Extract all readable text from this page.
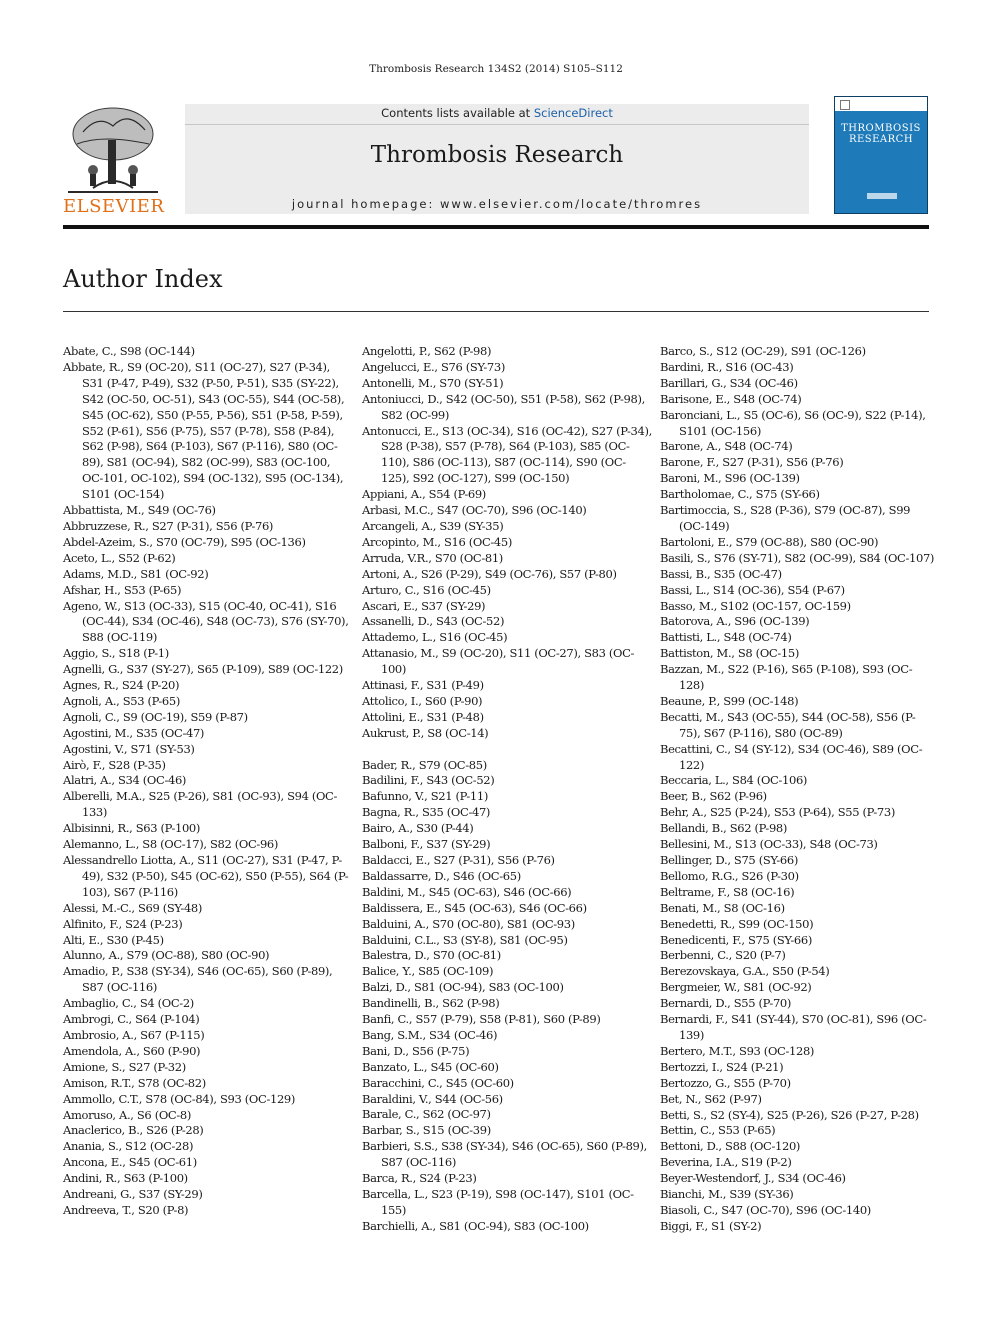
Thrombosis Research 134S2 (2014) S105–S112
ELSEVIER
Contents lists available at ScienceDirect
Thrombosis Research
journal homepage: www.elsevier.com/locate/thromres
THROMBOSIS
RESEARCH
Author Index
Abate, C., S98 (OC-144)
Abbate, R., S9 (OC-20), S11 (OC-27), S27 (P-34), S31 (P-47, P-49), S32 (P-50, P-51), S35 (SY-22), S42 (OC-50, OC-51), S43 (OC-55), S44 (OC-58), S45 (OC-62), S50 (P-55, P-56), S51 (P-58, P-59), S52 (P-61), S56 (P-75), S57 (P-78), S58 (P-84), S62 (P-98), S64 (P-103), S67 (P-116), S80 (OC-89), S81 (OC-94), S82 (OC-99), S83 (OC-100, OC-101, OC-102), S94 (OC-132), S95 (OC-134), S101 (OC-154)
Abbattista, M., S49 (OC-76)
Abbruzzese, R., S27 (P-31), S56 (P-76)
Abdel-Azeim, S., S70 (OC-79), S95 (OC-136)
Aceto, L., S52 (P-62)
Adams, M.D., S81 (OC-92)
Afshar, H., S53 (P-65)
Ageno, W., S13 (OC-33), S15 (OC-40, OC-41), S16 (OC-44), S34 (OC-46), S48 (OC-73), S76 (SY-70), S88 (OC-119)
Aggio, S., S18 (P-1)
Agnelli, G., S37 (SY-27), S65 (P-109), S89 (OC-122)
Agnes, R., S24 (P-20)
Agnoli, A., S53 (P-65)
Agnoli, C., S9 (OC-19), S59 (P-87)
Agostini, M., S35 (OC-47)
Agostini, V., S71 (SY-53)
Airò, F., S28 (P-35)
Alatri, A., S34 (OC-46)
Alberelli, M.A., S25 (P-26), S81 (OC-93), S94 (OC-133)
Albisinni, R., S63 (P-100)
Alemanno, L., S8 (OC-17), S82 (OC-96)
Alessandrello Liotta, A., S11 (OC-27), S31 (P-47, P-49), S32 (P-50), S45 (OC-62), S50 (P-55), S64 (P-103), S67 (P-116)
Alessi, M.-C., S69 (SY-48)
Alfinito, F., S24 (P-23)
Alti, E., S30 (P-45)
Alunno, A., S79 (OC-88), S80 (OC-90)
Amadio, P., S38 (SY-34), S46 (OC-65), S60 (P-89), S87 (OC-116)
Ambaglio, C., S4 (OC-2)
Ambrogi, C., S64 (P-104)
Ambrosio, A., S67 (P-115)
Amendola, A., S60 (P-90)
Amione, S., S27 (P-32)
Amison, R.T., S78 (OC-82)
Ammollo, C.T., S78 (OC-84), S93 (OC-129)
Amoruso, A., S6 (OC-8)
Anaclerico, B., S26 (P-28)
Anania, S., S12 (OC-28)
Ancona, E., S45 (OC-61)
Andini, R., S63 (P-100)
Andreani, G., S37 (SY-29)
Andreeva, T., S20 (P-8)
Angelotti, P., S62 (P-98)
Angelucci, E., S76 (SY-73)
Antonelli, M., S70 (SY-51)
Antoniucci, D., S42 (OC-50), S51 (P-58), S62 (P-98), S82 (OC-99)
Antonucci, E., S13 (OC-34), S16 (OC-42), S27 (P-34), S28 (P-38), S57 (P-78), S64 (P-103), S85 (OC-110), S86 (OC-113), S87 (OC-114), S90 (OC-125), S92 (OC-127), S99 (OC-150)
Appiani, A., S54 (P-69)
Arbasi, M.C., S47 (OC-70), S96 (OC-140)
Arcangeli, A., S39 (SY-35)
Arcopinto, M., S16 (OC-45)
Arruda, V.R., S70 (OC-81)
Artoni, A., S26 (P-29), S49 (OC-76), S57 (P-80)
Arturo, C., S16 (OC-45)
Ascari, E., S37 (SY-29)
Assanelli, D., S43 (OC-52)
Attademo, L., S16 (OC-45)
Attanasio, M., S9 (OC-20), S11 (OC-27), S83 (OC-100)
Attinasi, F., S31 (P-49)
Attolico, I., S60 (P-90)
Attolini, E., S31 (P-48)
Aukrust, P., S8 (OC-14)
Bader, R., S79 (OC-85)
Badilini, F., S43 (OC-52)
Bafunno, V., S21 (P-11)
Bagna, R., S35 (OC-47)
Bairo, A., S30 (P-44)
Balboni, F., S37 (SY-29)
Baldacci, E., S27 (P-31), S56 (P-76)
Baldassarre, D., S46 (OC-65)
Baldini, M., S45 (OC-63), S46 (OC-66)
Baldissera, E., S45 (OC-63), S46 (OC-66)
Balduini, A., S70 (OC-80), S81 (OC-93)
Balduini, C.L., S3 (SY-8), S81 (OC-95)
Balestra, D., S70 (OC-81)
Balice, Y., S85 (OC-109)
Balzi, D., S81 (OC-94), S83 (OC-100)
Bandinelli, B., S62 (P-98)
Banfi, C., S57 (P-79), S58 (P-81), S60 (P-89)
Bang, S.M., S34 (OC-46)
Bani, D., S56 (P-75)
Banzato, L., S45 (OC-60)
Baracchini, C., S45 (OC-60)
Baraldini, V., S44 (OC-56)
Barale, C., S62 (OC-97)
Barbar, S., S15 (OC-39)
Barbieri, S.S., S38 (SY-34), S46 (OC-65), S60 (P-89), S87 (OC-116)
Barca, R., S24 (P-23)
Barcella, L., S23 (P-19), S98 (OC-147), S101 (OC-155)
Barchielli, A., S81 (OC-94), S83 (OC-100)
Barco, S., S12 (OC-29), S91 (OC-126)
Bardini, R., S16 (OC-43)
Barillari, G., S34 (OC-46)
Barisone, E., S48 (OC-74)
Baronciani, L., S5 (OC-6), S6 (OC-9), S22 (P-14), S101 (OC-156)
Barone, A., S48 (OC-74)
Barone, F., S27 (P-31), S56 (P-76)
Baroni, M., S96 (OC-139)
Bartholomae, C., S75 (SY-66)
Bartimoccia, S., S28 (P-36), S79 (OC-87), S99 (OC-149)
Bartoloni, E., S79 (OC-88), S80 (OC-90)
Basili, S., S76 (SY-71), S82 (OC-99), S84 (OC-107)
Bassi, B., S35 (OC-47)
Bassi, L., S14 (OC-36), S54 (P-67)
Basso, M., S102 (OC-157, OC-159)
Batorova, A., S96 (OC-139)
Battisti, L., S48 (OC-74)
Battiston, M., S8 (OC-15)
Bazzan, M., S22 (P-16), S65 (P-108), S93 (OC-128)
Beaune, P., S99 (OC-148)
Becatti, M., S43 (OC-55), S44 (OC-58), S56 (P-75), S67 (P-116), S80 (OC-89)
Becattini, C., S4 (SY-12), S34 (OC-46), S89 (OC-122)
Beccaria, L., S84 (OC-106)
Beer, B., S62 (P-96)
Behr, A., S25 (P-24), S53 (P-64), S55 (P-73)
Bellandi, B., S62 (P-98)
Bellesini, M., S13 (OC-33), S48 (OC-73)
Bellinger, D., S75 (SY-66)
Bellomo, R.G., S26 (P-30)
Beltrame, F., S8 (OC-16)
Benati, M., S8 (OC-16)
Benedetti, R., S99 (OC-150)
Benedicenti, F., S75 (SY-66)
Berbenni, C., S20 (P-7)
Berezovskaya, G.A., S50 (P-54)
Bergmeier, W., S81 (OC-92)
Bernardi, D., S55 (P-70)
Bernardi, F., S41 (SY-44), S70 (OC-81), S96 (OC-139)
Bertero, M.T., S93 (OC-128)
Bertozzi, I., S24 (P-21)
Bertozzo, G., S55 (P-70)
Bet, N., S62 (P-97)
Betti, S., S2 (SY-4), S25 (P-26), S26 (P-27, P-28)
Bettin, C., S53 (P-65)
Bettoni, D., S88 (OC-120)
Beverina, I.A., S19 (P-2)
Beyer-Westendorf, J., S34 (OC-46)
Bianchi, M., S39 (SY-36)
Biasoli, C., S47 (OC-70), S96 (OC-140)
Biggi, F., S1 (SY-2)
